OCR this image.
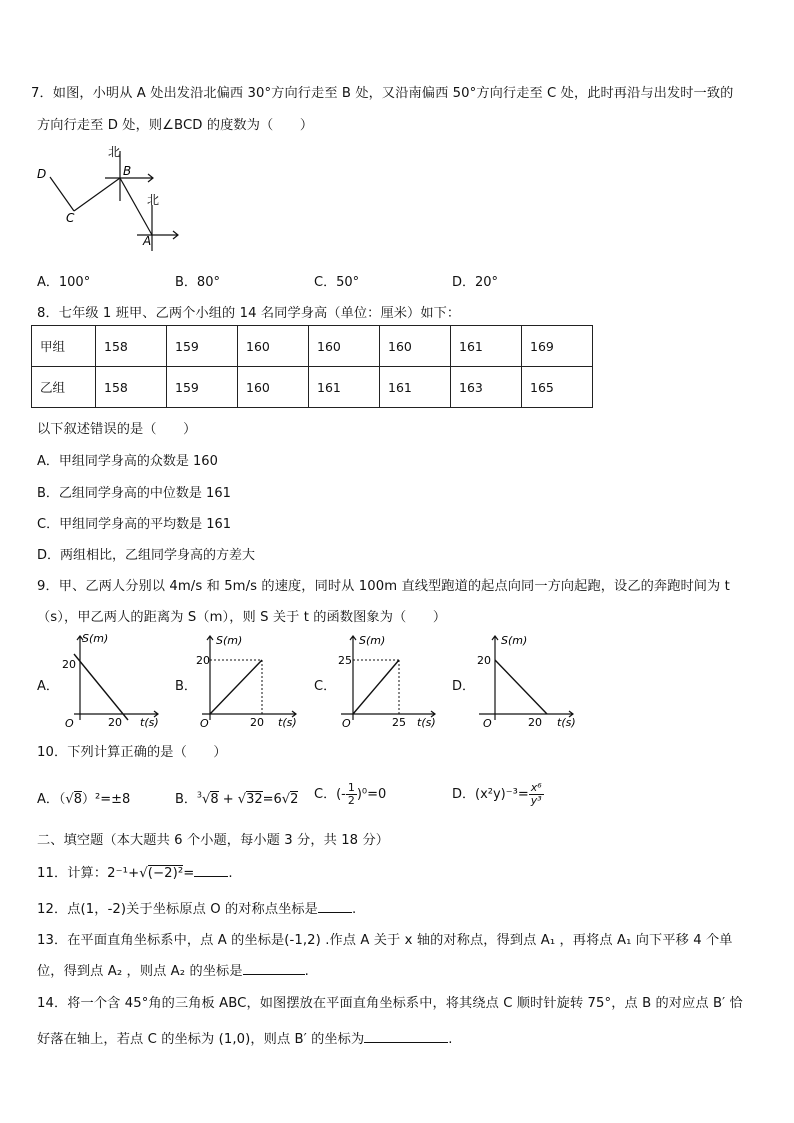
7．如图，小明从 A 处出发沿北偏西 30°方向行走至 B 处，又沿南偏西 50°方向行走至 C 处，此时再沿与出发时一致的
方向行走至 D 处，则∠BCD 的度数为（　　）
北
北
D	B
C
A
A．100°	B．80°	C．50°	D．20°
8．七年级 1 班甲、乙两个小组的 14 名同学身高（单位：厘米）如下：
甲组	158	159	160	160	160	161	169
乙组	158	159	160	161	161	163	165
以下叙述错误的是（　　）
A．甲组同学身高的众数是 160
B．乙组同学身高的中位数是 161
C．甲组同学身高的平均数是 161
D．两组相比，乙组同学身高的方差大
9．甲、乙两人分别以 4m/s 和 5m/s 的速度，同时从 100m 直线型跑道的起点向同一方向起跑，设乙的奔跑时间为 t
（s），甲乙两人的距离为 S（m），则 S 关于 t 的函数图象为（　　）
A．
S(m)
t(s)
O
20
20
B．
S(m)
t(s)
O
20
20
C．
S(m)
t(s)
O
25
25
D．
S(m)
t(s)
O
20
20
10．下列计算正确的是（　　）
A．（√8）²=±8	B．$^3$√8 + √32=6√2 C．(- $\frac{1}{2} )^0=0$	D．$(x^2y)^{-3}= \frac{\text{x⁶}}{\text{y³}}$
二、填空题（本大题共 6 个小题，每小题 3 分，共 18 分）
11．计算：2⁻¹+√(−2)²=	.
12．点(1，-2)关于坐标原点 O 的对称点坐标是	.
13．在平面直角坐标系中，点 A 的坐标是(-1,2) .作点 A 关于 x 轴的对称点，得到点 A₁ ，再将点 A₁ 向下平移 4 个单
位，得到点 A₂ ，则点 A₂ 的坐标是	.
14．将一个含 45°角的三角板 ABC，如图摆放在平面直角坐标系中，将其绕点 C 顺时针旋转 75°，点 B 的对应点 B′ 恰
好落在轴上，若点 C 的坐标为 (1,0)，则点 B′ 的坐标为	.
